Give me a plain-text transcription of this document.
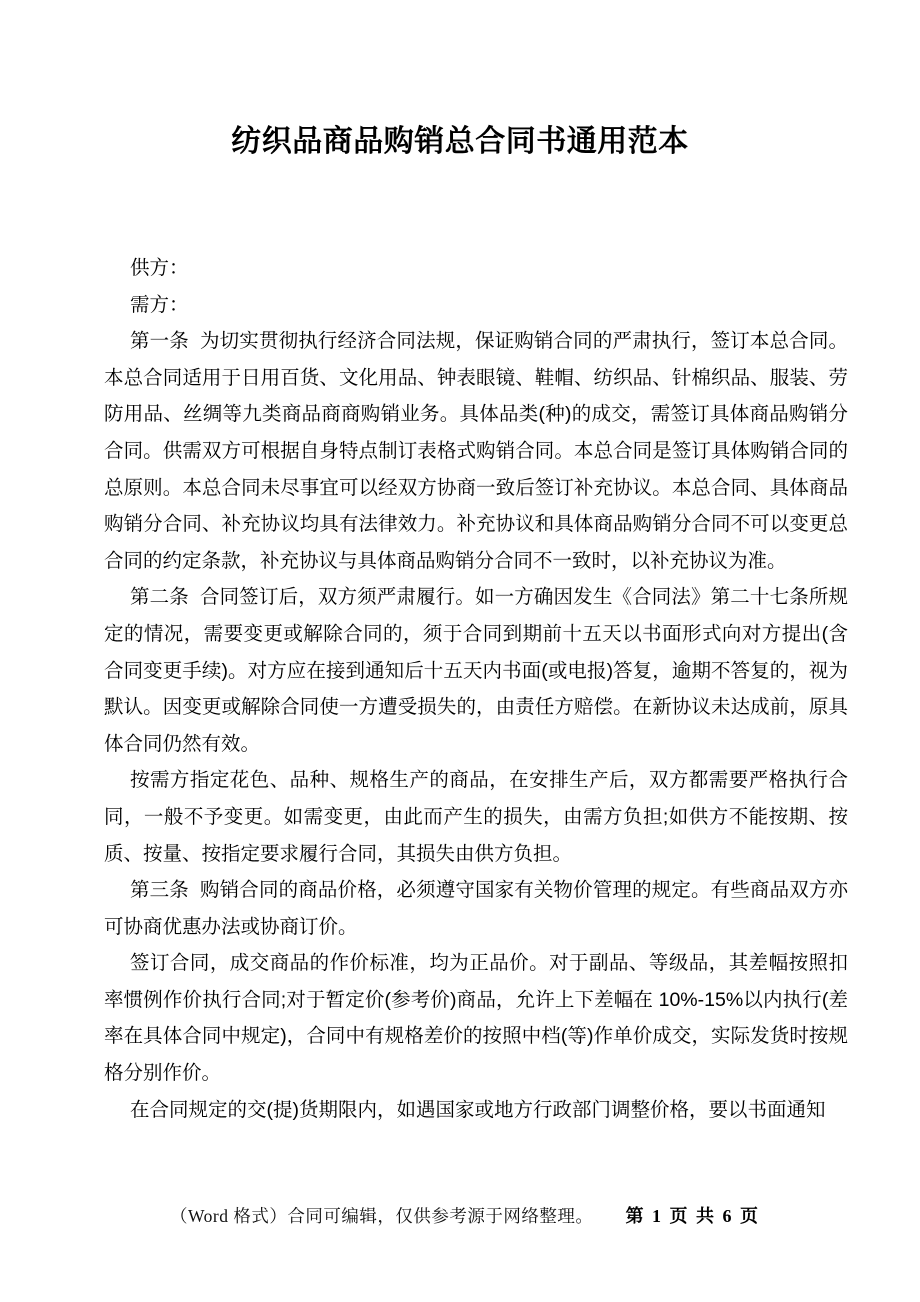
纺织品商品购销总合同书通用范本

供方：

需方：

第一条  为切实贯彻执行经济合同法规，保证购销合同的严肃执行，签订本总合同。本总合同适用于日用百货、文化用品、钟表眼镜、鞋帽、纺织品、针棉织品、服装、劳防用品、丝绸等九类商品商商购销业务。具体品类(种)的成交，需签订具体商品购销分合同。供需双方可根据自身特点制订表格式购销合同。本总合同是签订具体购销合同的总原则。本总合同未尽事宜可以经双方协商一致后签订补充协议。本总合同、具体商品购销分合同、补充协议均具有法律效力。补充协议和具体商品购销分合同不可以变更总合同的约定条款，补充协议与具体商品购销分合同不一致时，以补充协议为准。

第二条  合同签订后，双方须严肃履行。如一方确因发生《合同法》第二十七条所规定的情况，需要变更或解除合同的，须于合同到期前十五天以书面形式向对方提出(含合同变更手续)。对方应在接到通知后十五天内书面(或电报)答复，逾期不答复的，视为默认。因变更或解除合同使一方遭受损失的，由责任方赔偿。在新协议未达成前，原具体合同仍然有效。

按需方指定花色、品种、规格生产的商品，在安排生产后，双方都需要严格执行合同，一般不予变更。如需变更，由此而产生的损失，由需方负担;如供方不能按期、按质、按量、按指定要求履行合同，其损失由供方负担。

第三条  购销合同的商品价格，必须遵守国家有关物价管理的规定。有些商品双方亦可协商优惠办法或协商订价。

签订合同，成交商品的作价标准，均为正品价。对于副品、等级品，其差幅按照扣率惯例作价执行合同;对于暂定价(参考价)商品，允许上下差幅在 10%-15%以内执行(差率在具体合同中规定)，合同中有规格差价的按照中档(等)作单价成交，实际发货时按规格分别作价。

在合同规定的交(提)货期限内，如遇国家或地方行政部门调整价格，要以书面通知

（Word 格式）合同可编辑，仅供参考源于网络整理。 第 1 页 共 6 页
